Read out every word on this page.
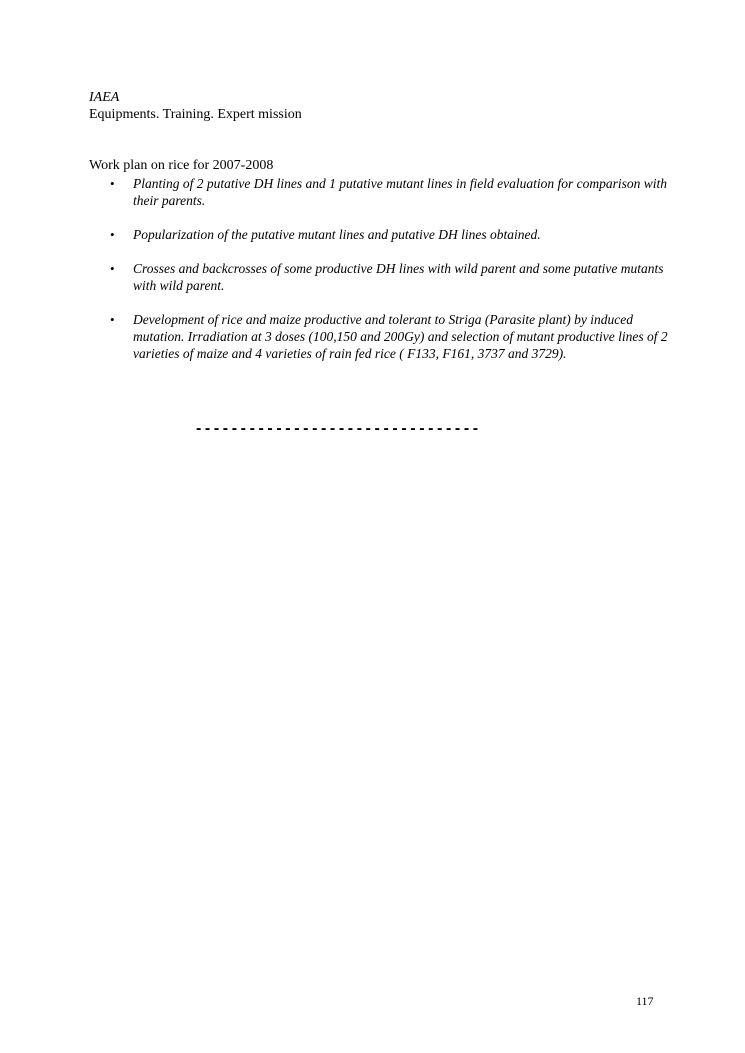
IAEA
Equipments. Training. Expert mission
Work plan on rice for 2007-2008
• Planting of 2 putative DH lines and 1 putative mutant lines in field evaluation for comparison with their parents.
• Popularization of the putative mutant lines and putative DH lines obtained.
• Crosses and backcrosses of some productive DH lines with wild parent and some putative mutants with wild parent.
• Development of rice and maize productive and tolerant to Striga (Parasite plant) by induced mutation. Irradiation at 3 doses (100,150 and 200Gy) and selection of mutant productive lines of 2 varieties of maize and 4 varieties of rain fed rice ( F133, F161, 3737 and 3729).
--------------------------------
117
